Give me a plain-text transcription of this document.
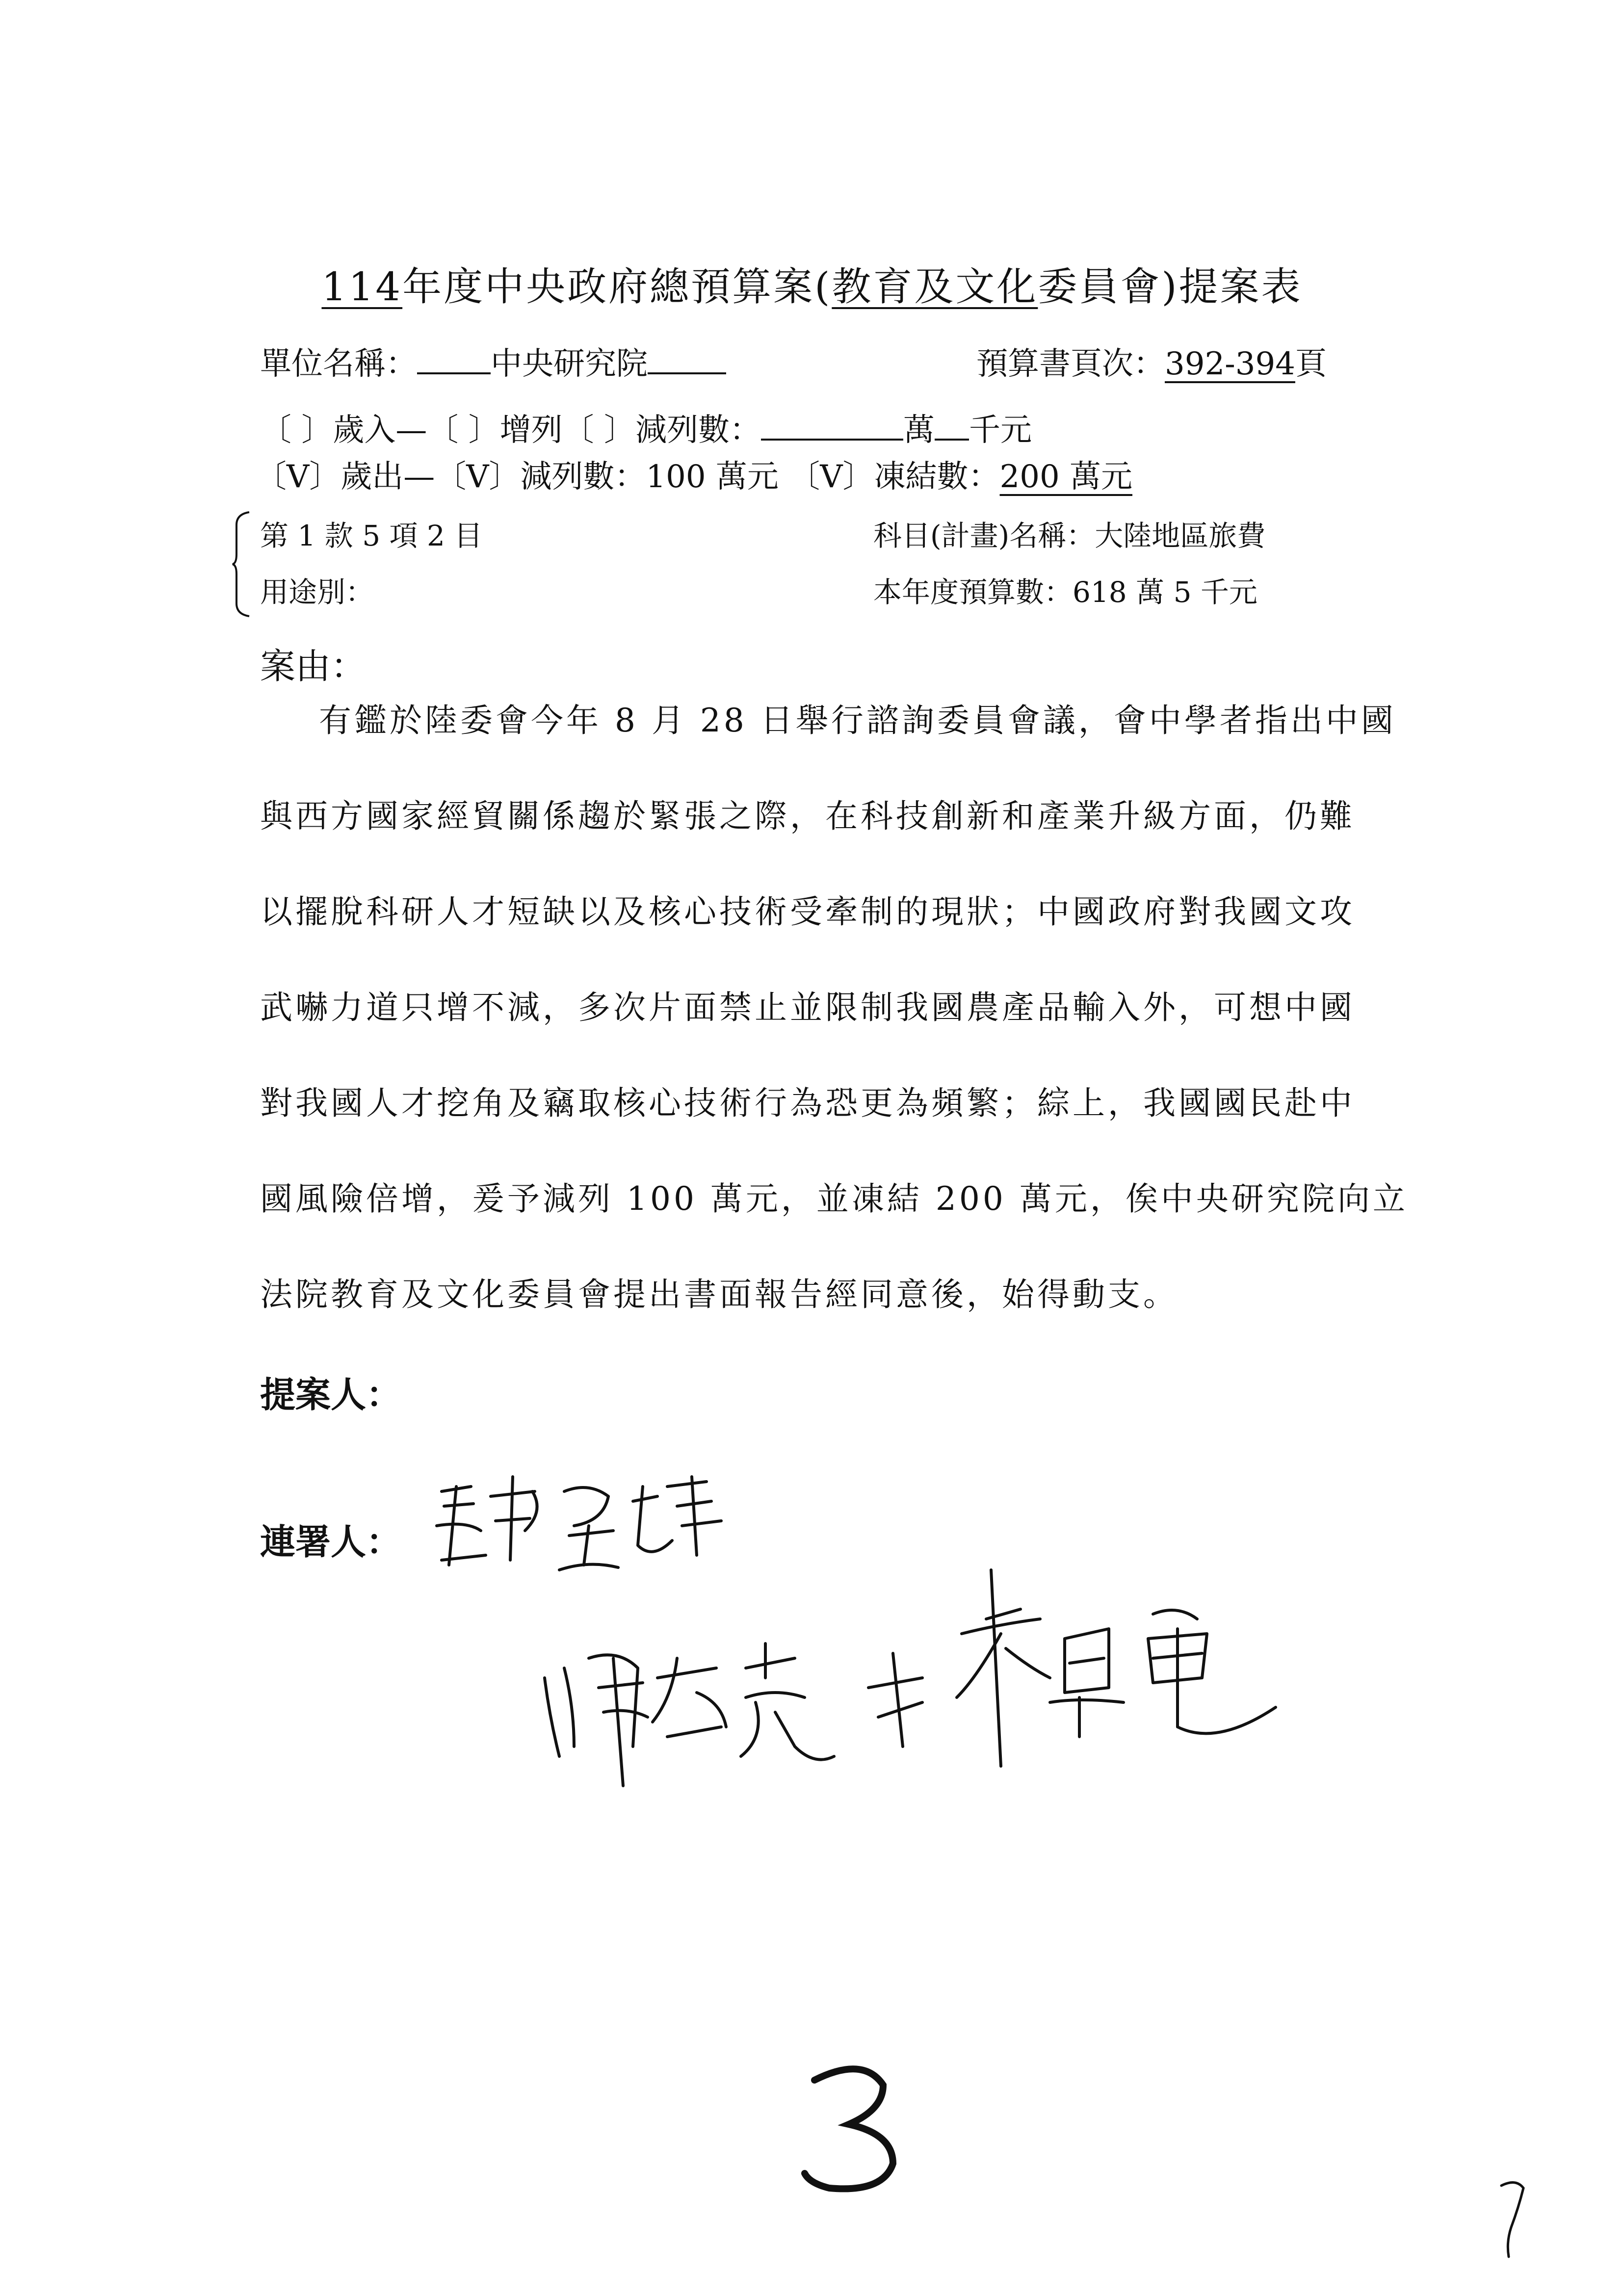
114年度中央政府總預算案(教育及文化委員會)提案表
單位名稱： 中央研究院	預算書頁次：392-394頁
〔 〕歲入—〔 〕增列〔 〕減列數：	萬 千元
〔V〕歲出—〔V〕減列數：100 萬元 〔V〕凍結數：200 萬元
第 1 款 5 項 2 目	科目(計畫)名稱：大陸地區旅費
用途別：	本年度預算數：618 萬 5 千元
案由：
有鑑於陸委會今年 8 月 28 日舉行諮詢委員會議，會中學者指出中國
與西方國家經貿關係趨於緊張之際，在科技創新和產業升級方面，仍難
以擺脫科研人才短缺以及核心技術受牽制的現狀；中國政府對我國文攻
武嚇力道只增不減，多次片面禁止並限制我國農產品輸入外，可想中國
對我國人才挖角及竊取核心技術行為恐更為頻繁；綜上，我國國民赴中
國風險倍增，爰予減列 100 萬元，並凍結 200 萬元，俟中央研究院向立
法院教育及文化委員會提出書面報告經同意後，始得動支。
提案人：
連署人：
